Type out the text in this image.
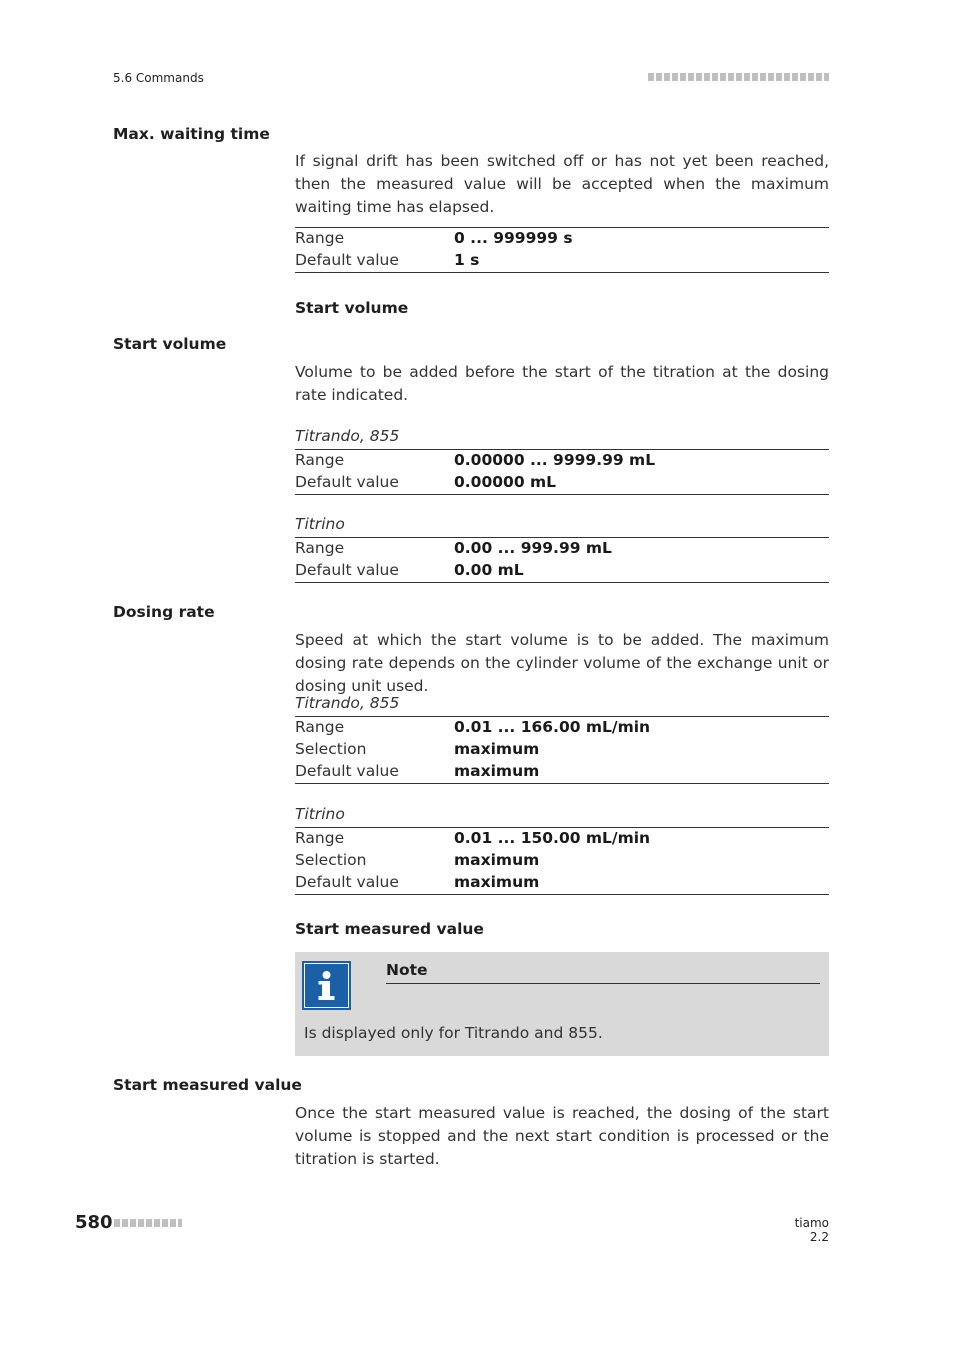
5.6 Commands
Max. waiting time
If signal drift has been switched off or has not yet been reached, then the measured value will be accepted when the maximum waiting time has elapsed.
Range	0 ... 999999 s
Default value	1 s
Start volume
Start volume
Volume to be added before the start of the titration at the dosing rate indicated.
Titrando, 855
Range	0.00000 ... 9999.99 mL
Default value	0.00000 mL
Titrino
Range	0.00 ... 999.99 mL
Default value	0.00 mL
Dosing rate
Speed at which the start volume is to be added. The maximum dosing rate depends on the cylinder volume of the exchange unit or dosing unit used.
Titrando, 855
Range	0.01 ... 166.00 mL/min
Selection	maximum
Default value	maximum
Titrino
Range	0.01 ... 150.00 mL/min
Selection	maximum
Default value	maximum
Start measured value
Note
Is displayed only for Titrando and 855.
Start measured value
Once the start measured value is reached, the dosing of the start volume is stopped and the next start condition is processed or the titration is started.
580	tiamo 2.2
